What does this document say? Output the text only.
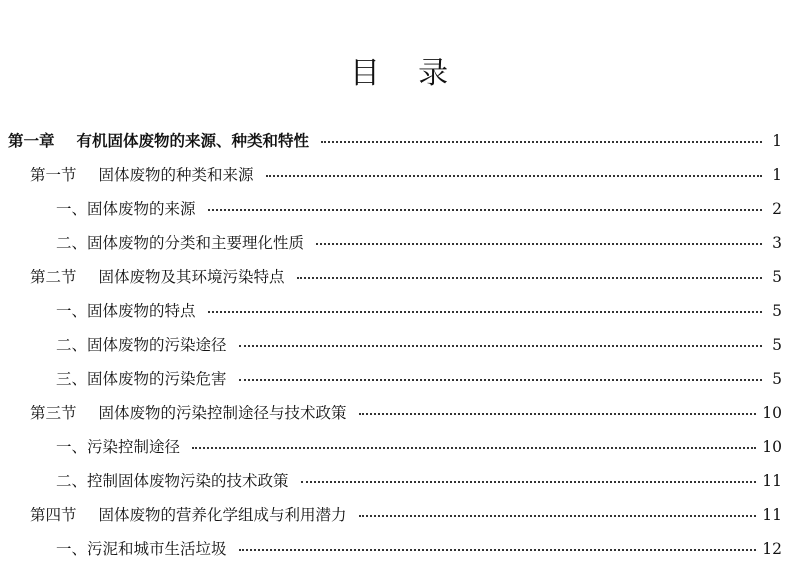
目    录
第一章 有机固体废物的来源、种类和特性	1
第一节 固体废物的种类和来源	1
一、 固体废物的来源	2
二、 固体废物的分类和主要理化性质	3
第二节 固体废物及其环境污染特点	5
一、 固体废物的特点	5
二、 固体废物的污染途径	5
三、 固体废物的污染危害	5
第三节 固体废物的污染控制途径与技术政策	10
一、 污染控制途径	10
二、 控制固体废物污染的技术政策	11
第四节 固体废物的营养化学组成与利用潜力	11
一、 污泥和城市生活垃圾	12
